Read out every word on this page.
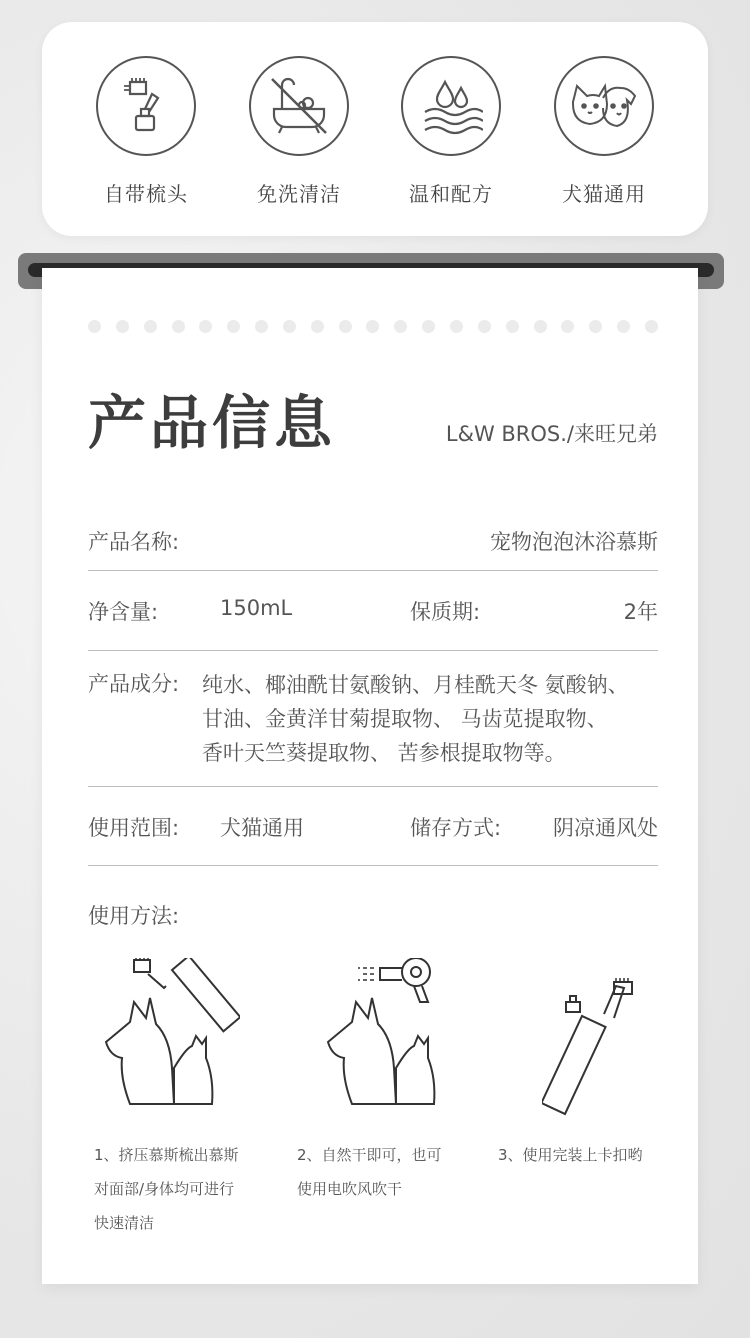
自带梳头	免洗清洁	温和配方	犬猫通用
产品信息	L&W BROS./来旺兄弟
产品名称:	宠物泡泡沐浴慕斯
净含量:	150mL	保质期:	2年
产品成分: 纯水、椰油酰甘氨酸钠、月桂酰天冬 氨酸钠、
甘油、金黄洋甘菊提取物、 马齿苋提取物、
香叶天竺葵提取物、 苦参根提取物等。
使用范围: 犬猫通用	储存方式: 阴凉通风处
使用方法:
1、挤压慕斯梳出慕斯
对面部/身体均可进行
快速清洁
2、自然干即可，也可
使用电吹风吹干
3、使用完装上卡扣哟
